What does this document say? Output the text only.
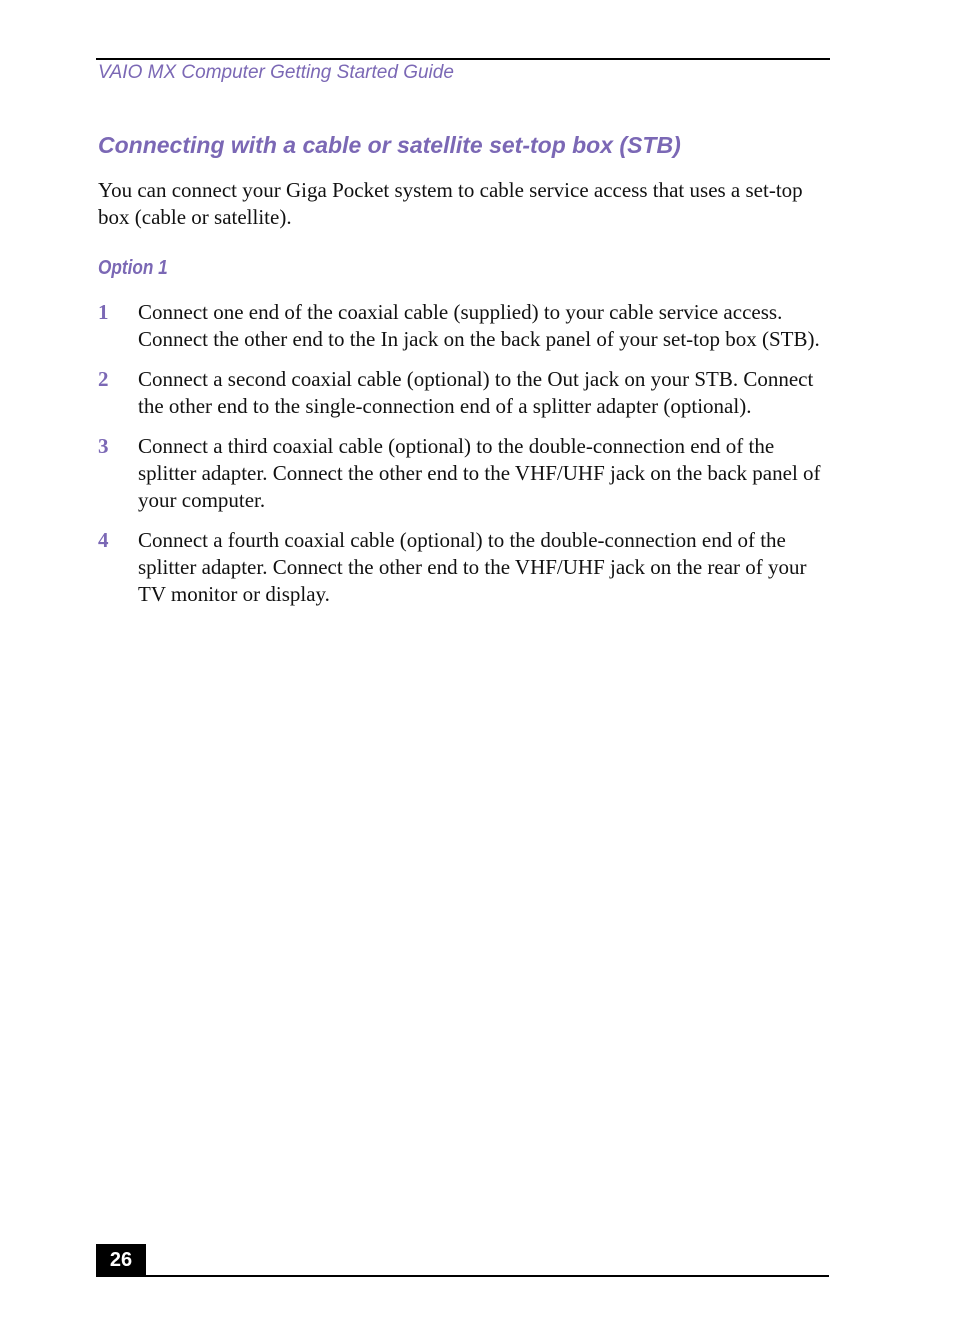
VAIO MX Computer Getting Started Guide
Connecting with a cable or satellite set-top box (STB)

You can connect your Giga Pocket system to cable service access that uses a set-top box (cable or satellite).

Option 1
1 Connect one end of the coaxial cable (supplied) to your cable service access. Connect the other end to the In jack on the back panel of your set-top box (STB).
2 Connect a second coaxial cable (optional) to the Out jack on your STB. Connect the other end to the single-connection end of a splitter adapter (optional).
3 Connect a third coaxial cable (optional) to the double-connection end of the splitter adapter. Connect the other end to the VHF/UHF jack on the back panel of your computer.
4 Connect a fourth coaxial cable (optional) to the double-connection end of the splitter adapter. Connect the other end to the VHF/UHF jack on the rear of your TV monitor or display.
26
